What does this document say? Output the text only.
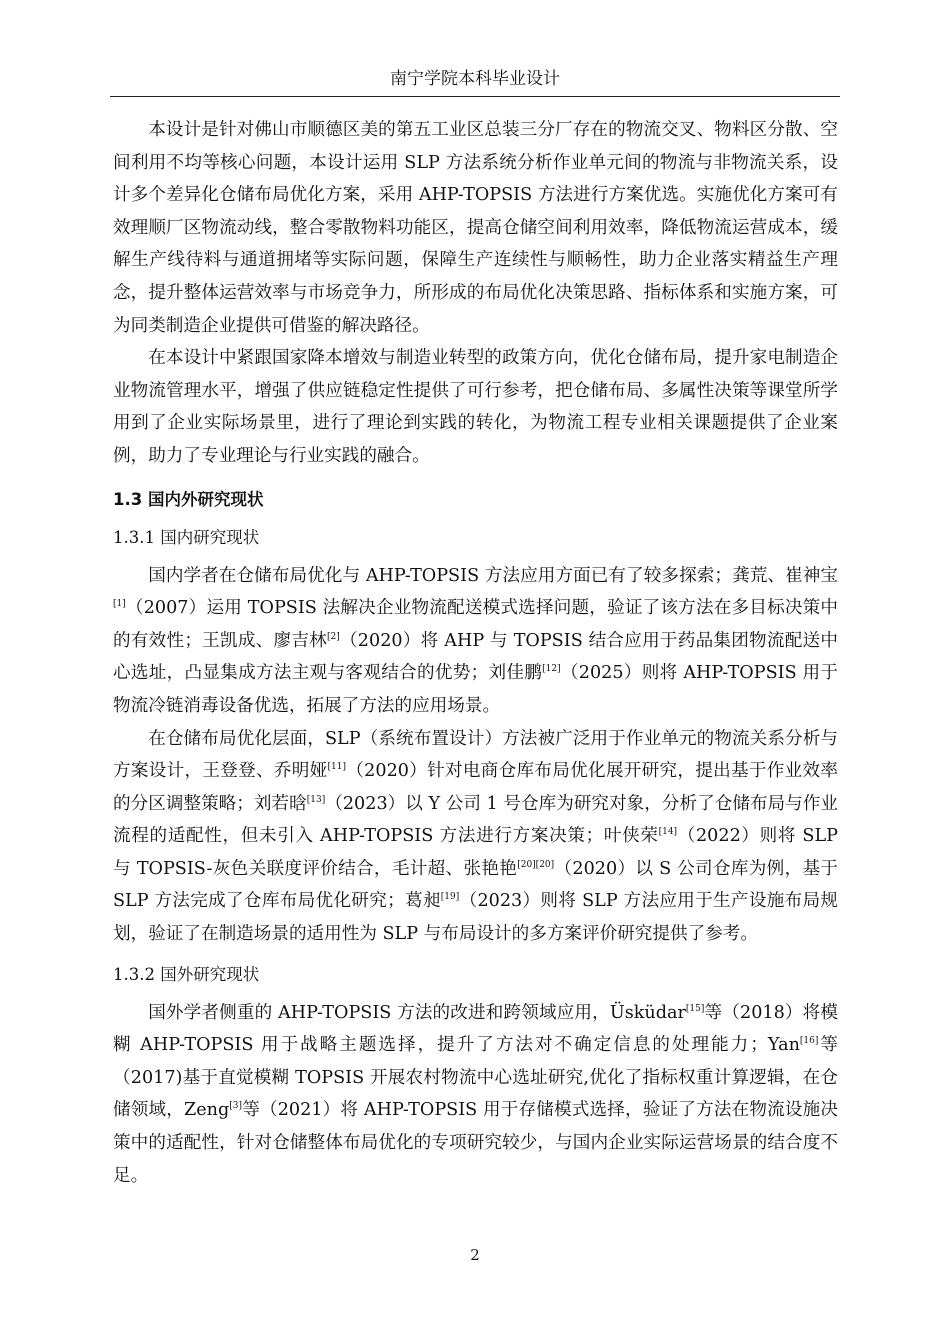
南宁学院本科毕业设计

本设计是针对佛山市顺德区美的第五工业区总装三分厂存在的物流交叉、物料区分散、空间利用不均等核心问题，本设计运用 SLP 方法系统分析作业单元间的物流与非物流关系，设计多个差异化仓储布局优化方案，采用 AHP-TOPSIS 方法进行方案优选。实施优化方案可有效理顺厂区物流动线，整合零散物料功能区，提高仓储空间利用效率，降低物流运营成本，缓解生产线待料与通道拥堵等实际问题，保障生产连续性与顺畅性，助力企业落实精益生产理念，提升整体运营效率与市场竞争力，所形成的布局优化决策思路、指标体系和实施方案，可为同类制造企业提供可借鉴的解决路径。

在本设计中紧跟国家降本增效与制造业转型的政策方向，优化仓储布局，提升家电制造企业物流管理水平，增强了供应链稳定性提供了可行参考，把仓储布局、多属性决策等课堂所学用到了企业实际场景里，进行了理论到实践的转化，为物流工程专业相关课题提供了企业案例，助力了专业理论与行业实践的融合。

1.3 国内外研究现状
1.3.1 国内研究现状

国内学者在仓储布局优化与 AHP-TOPSIS 方法应用方面已有了较多探索；龚荒、崔神宝[1]（2007）运用 TOPSIS 法解决企业物流配送模式选择问题，验证了该方法在多目标决策中的有效性；王凯成、廖吉林[2]（2020）将 AHP 与 TOPSIS 结合应用于药品集团物流配送中心选址，凸显集成方法主观与客观结合的优势；刘佳鹏[12]（2025）则将 AHP-TOPSIS 用于物流冷链消毒设备优选，拓展了方法的应用场景。

在仓储布局优化层面，SLP（系统布置设计）方法被广泛用于作业单元的物流关系分析与方案设计，王登登、乔明娅[11]（2020）针对电商仓库布局优化展开研究，提出基于作业效率的分区调整策略；刘若晗[13]（2023）以 Y 公司 1 号仓库为研究对象，分析了仓储布局与作业流程的适配性，但未引入 AHP-TOPSIS 方法进行方案决策；叶侠荣[14]（2022）则将 SLP 与 TOPSIS-灰色关联度评价结合，毛计超、张艳艳[20][20]（2020）以 S 公司仓库为例，基于 SLP 方法完成了仓库布局优化研究；葛昶[19]（2023）则将 SLP 方法应用于生产设施布局规划，验证了在制造场景的适用性为 SLP 与布局设计的多方案评价研究提供了参考。

1.3.2 国外研究现状

国外学者侧重的 AHP-TOPSIS 方法的改进和跨领域应用，Üsküdar[15]等（2018）将模糊 AHP-TOPSIS 用于战略主题选择，提升了方法对不确定信息的处理能力；Yan[16]等（2017)基于直觉模糊 TOPSIS 开展农村物流中心选址研究,优化了指标权重计算逻辑，在仓储领域，Zeng[3]等（2021）将 AHP-TOPSIS 用于存储模式选择，验证了方法在物流设施决策中的适配性，针对仓储整体布局优化的专项研究较少，与国内企业实际运营场景的结合度不足。

2
